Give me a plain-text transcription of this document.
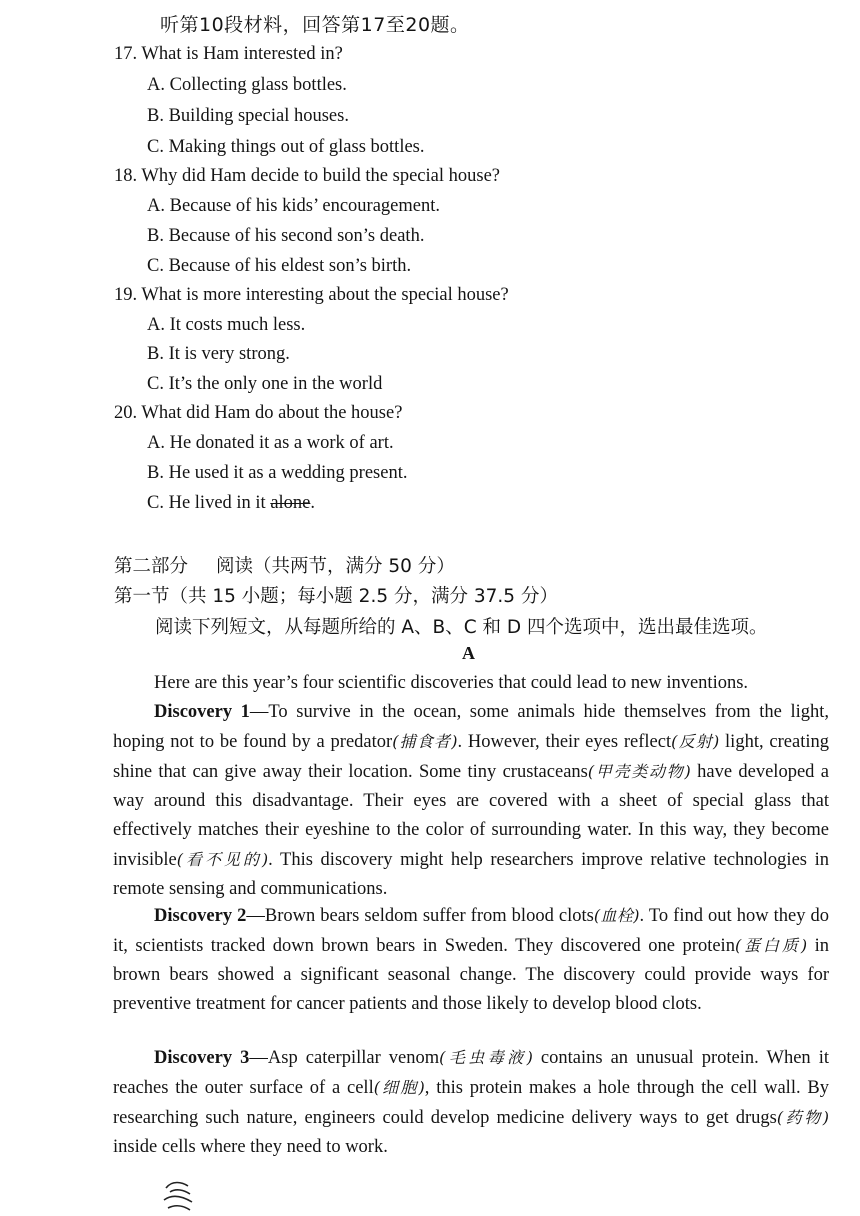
听第10段材料，回答第17至20题。
17. What is Ham interested in?
A. Collecting glass bottles.
B. Building special houses.
C. Making things out of glass bottles.
18. Why did Ham decide to build the special house?
A. Because of his kids’ encouragement.
B. Because of his second son’s death.
C. Because of his eldest son’s birth.
19. What is more interesting about the special house?
A. It costs much less.
B. It is very strong.
C. It’s the only one in the world
20. What did Ham do about the house?
A. He donated it as a work of art.
B. He used it as a wedding present.
C. He lived in it alone.
第二部分 阅读（共两节，满分 50 分）
第一节（共 15 小题；每小题 2.5 分，满分 37.5 分）
阅读下列短文，从每题所给的 A、B、C 和 D 四个选项中，选出最佳选项。
A

Here are this year’s four scientific discoveries that could lead to new inventions.

Discovery 1—To survive in the ocean, some animals hide themselves from the light, hoping not to be found by a predator(捕食者). However, their eyes reflect(反射) light, creating shine that can give away their location. Some tiny crustaceans(甲壳类动物) have developed a way around this disadvantage. Their eyes are covered with a sheet of special glass that effectively matches their eyeshine to the color of surrounding water. In this way, they become invisible(看不见的). This discovery might help researchers improve relative technologies in remote sensing and communications.

Discovery 2—Brown bears seldom suffer from blood clots(血栓). To find out how they do it, scientists tracked down brown bears in Sweden. They discovered one protein(蛋白质) in brown bears showed a significant seasonal change. The discovery could provide ways for preventive treatment for cancer patients and those likely to develop blood clots.

Discovery 3—Asp caterpillar venom(毛虫毒液) contains an unusual protein. When it reaches the outer surface of a cell(细胞), this protein makes a hole through the cell wall. By researching such nature, engineers could develop medicine delivery ways to get drugs(药物) inside cells where they need to work.
